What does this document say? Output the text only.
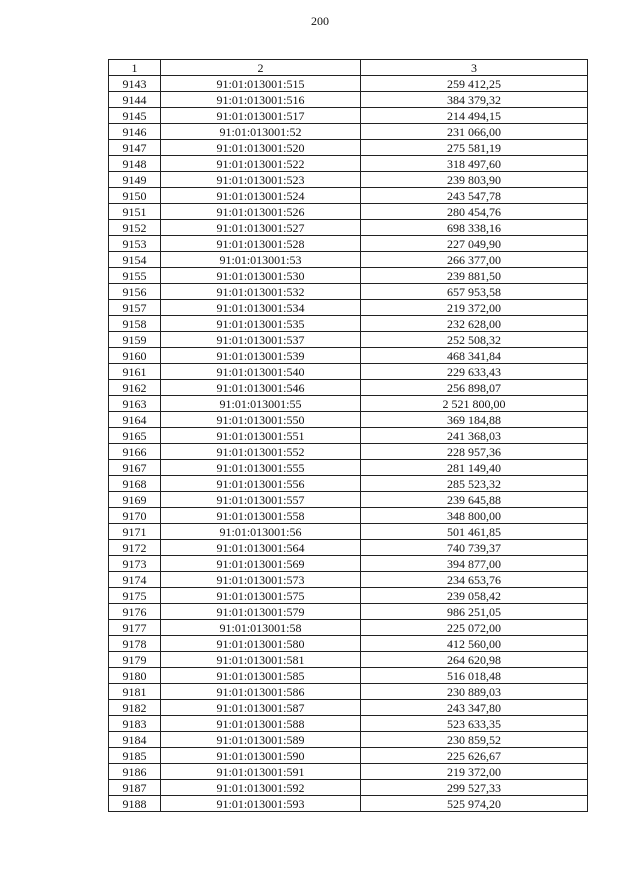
200
1	2	3
9143	91:01:013001:515	259 412,25
9144	91:01:013001:516	384 379,32
9145	91:01:013001:517	214 494,15
9146	91:01:013001:52	231 066,00
9147	91:01:013001:520	275 581,19
9148	91:01:013001:522	318 497,60
9149	91:01:013001:523	239 803,90
9150	91:01:013001:524	243 547,78
9151	91:01:013001:526	280 454,76
9152	91:01:013001:527	698 338,16
9153	91:01:013001:528	227 049,90
9154	91:01:013001:53	266 377,00
9155	91:01:013001:530	239 881,50
9156	91:01:013001:532	657 953,58
9157	91:01:013001:534	219 372,00
9158	91:01:013001:535	232 628,00
9159	91:01:013001:537	252 508,32
9160	91:01:013001:539	468 341,84
9161	91:01:013001:540	229 633,43
9162	91:01:013001:546	256 898,07
9163	91:01:013001:55	2 521 800,00
9164	91:01:013001:550	369 184,88
9165	91:01:013001:551	241 368,03
9166	91:01:013001:552	228 957,36
9167	91:01:013001:555	281 149,40
9168	91:01:013001:556	285 523,32
9169	91:01:013001:557	239 645,88
9170	91:01:013001:558	348 800,00
9171	91:01:013001:56	501 461,85
9172	91:01:013001:564	740 739,37
9173	91:01:013001:569	394 877,00
9174	91:01:013001:573	234 653,76
9175	91:01:013001:575	239 058,42
9176	91:01:013001:579	986 251,05
9177	91:01:013001:58	225 072,00
9178	91:01:013001:580	412 560,00
9179	91:01:013001:581	264 620,98
9180	91:01:013001:585	516 018,48
9181	91:01:013001:586	230 889,03
9182	91:01:013001:587	243 347,80
9183	91:01:013001:588	523 633,35
9184	91:01:013001:589	230 859,52
9185	91:01:013001:590	225 626,67
9186	91:01:013001:591	219 372,00
9187	91:01:013001:592	299 527,33
9188	91:01:013001:593	525 974,20
